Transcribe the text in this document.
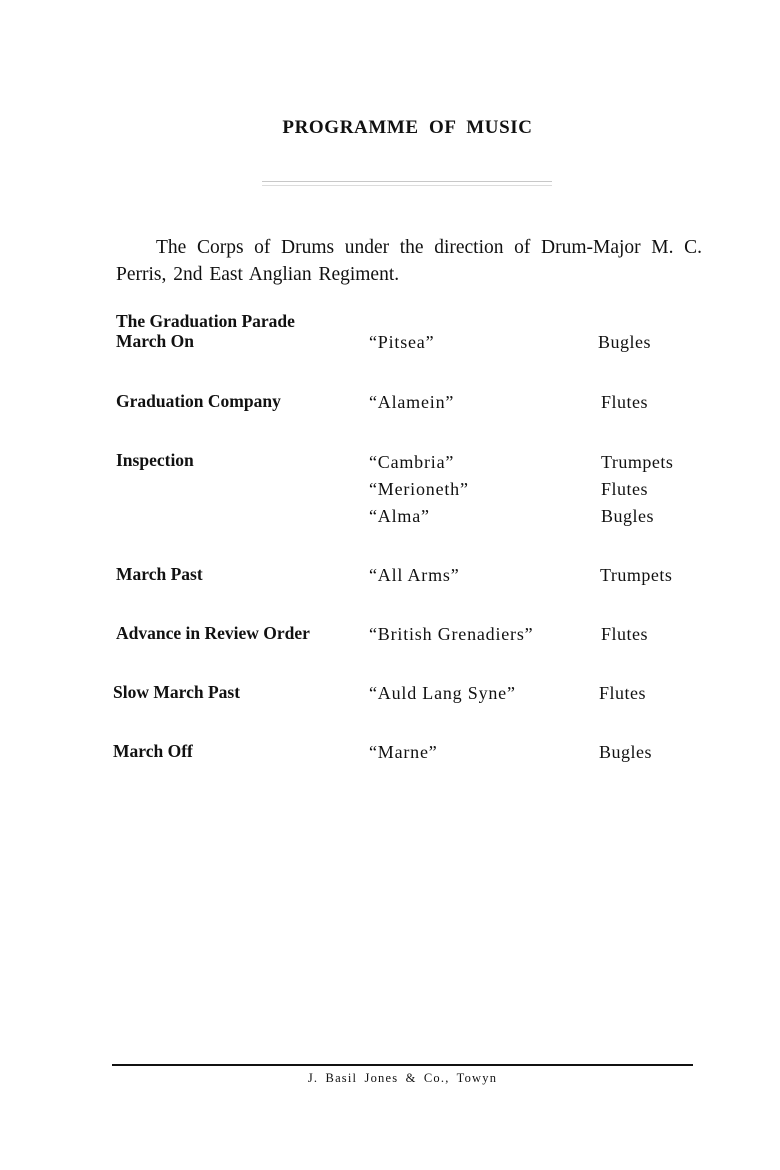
PROGRAMME OF MUSIC
The Corps of Drums under the direction of Drum-Major M. C. Perris, 2nd East Anglian Regiment.
The Graduation Parade
March On	“Pitsea”	Bugles
Graduation Company	“Alamein”	Flutes
Inspection	“Cambria”	Trumpets
“Merioneth”	Flutes
“Alma”	Bugles
March Past	“All Arms”	Trumpets
Advance in Review Order	“British Grenadiers”	Flutes
Slow March Past	“Auld Lang Syne”	Flutes
March Off	“Marne”	Bugles
J. Basil Jones & Co., Towyn
